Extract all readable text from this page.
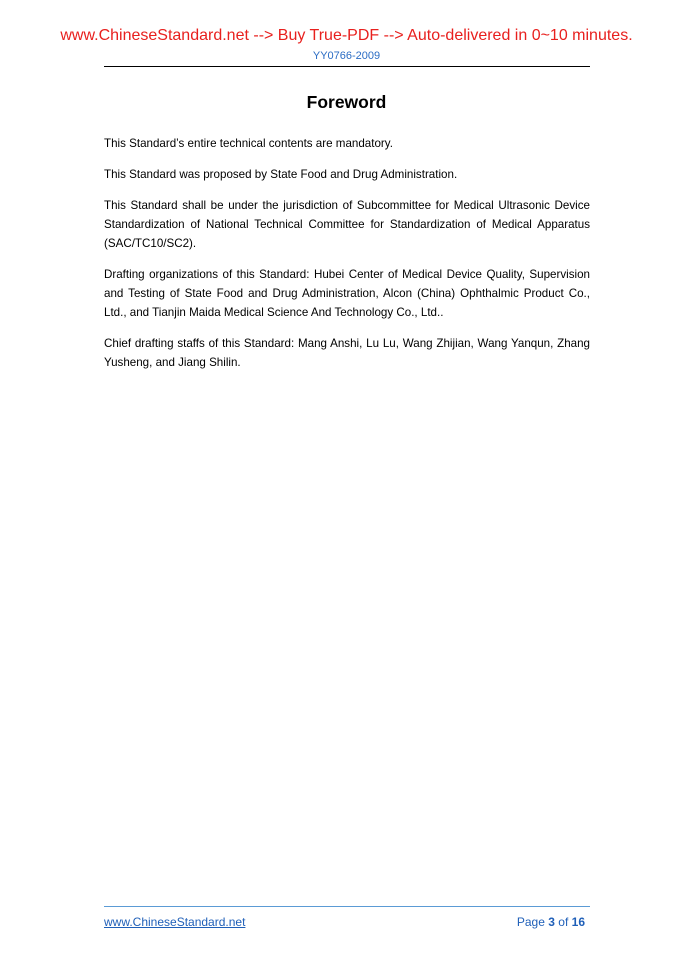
www.ChineseStandard.net --> Buy True-PDF --> Auto-delivered in 0~10 minutes.
YY0766-2009
Foreword

This Standard’s entire technical contents are mandatory.

This Standard was proposed by State Food and Drug Administration.

This Standard shall be under the jurisdiction of Subcommittee for Medical Ultrasonic Device Standardization of National Technical Committee for Standardization of Medical Apparatus (SAC/TC10/SC2).

Drafting organizations of this Standard: Hubei Center of Medical Device Quality, Supervision and Testing of State Food and Drug Administration, Alcon (China) Ophthalmic Product Co., Ltd., and Tianjin Maida Medical Science And Technology Co., Ltd..

Chief drafting staffs of this Standard: Mang Anshi, Lu Lu, Wang Zhijian, Wang Yanqun, Zhang Yusheng, and Jiang Shilin.

www.ChineseStandard.net	Page 3 of 16
